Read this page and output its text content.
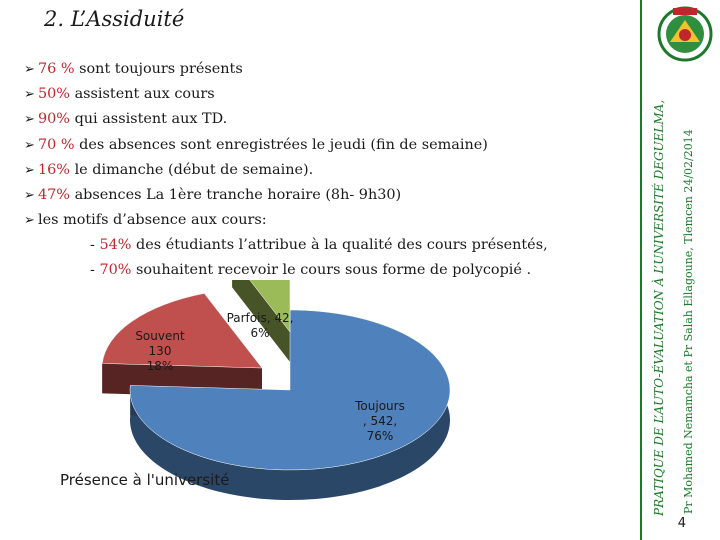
2. L’Assiduité
➢ 76 % sont toujours présents
➢ 50% assistent aux cours
➢ 90% qui assistent aux TD.
➢ 70 % des absences sont enregistrées le jeudi (fin de semaine)
➢ 16% le dimanche (début de semaine).
➢ 47% absences La 1ère tranche horaire (8h- 9h30)
➢ les motifs d’absence aux cours:
- 54% des étudiants l’attribue à la qualité des cours présentés,
- 70% souhaitent recevoir le cours sous forme de polycopié .
Toujours , 542, 76%
Souvent 130 18%
Parfois, 42, 6%
Présence à l'université	PRATIQUE DE L’AUTO-ÉVALUATION À L’UNIVERSITÉ DEGUELMA, Pr Mohamed Nemamcha et Pr Salah Ellagoune, Tlemcen 24/02/2014
4
